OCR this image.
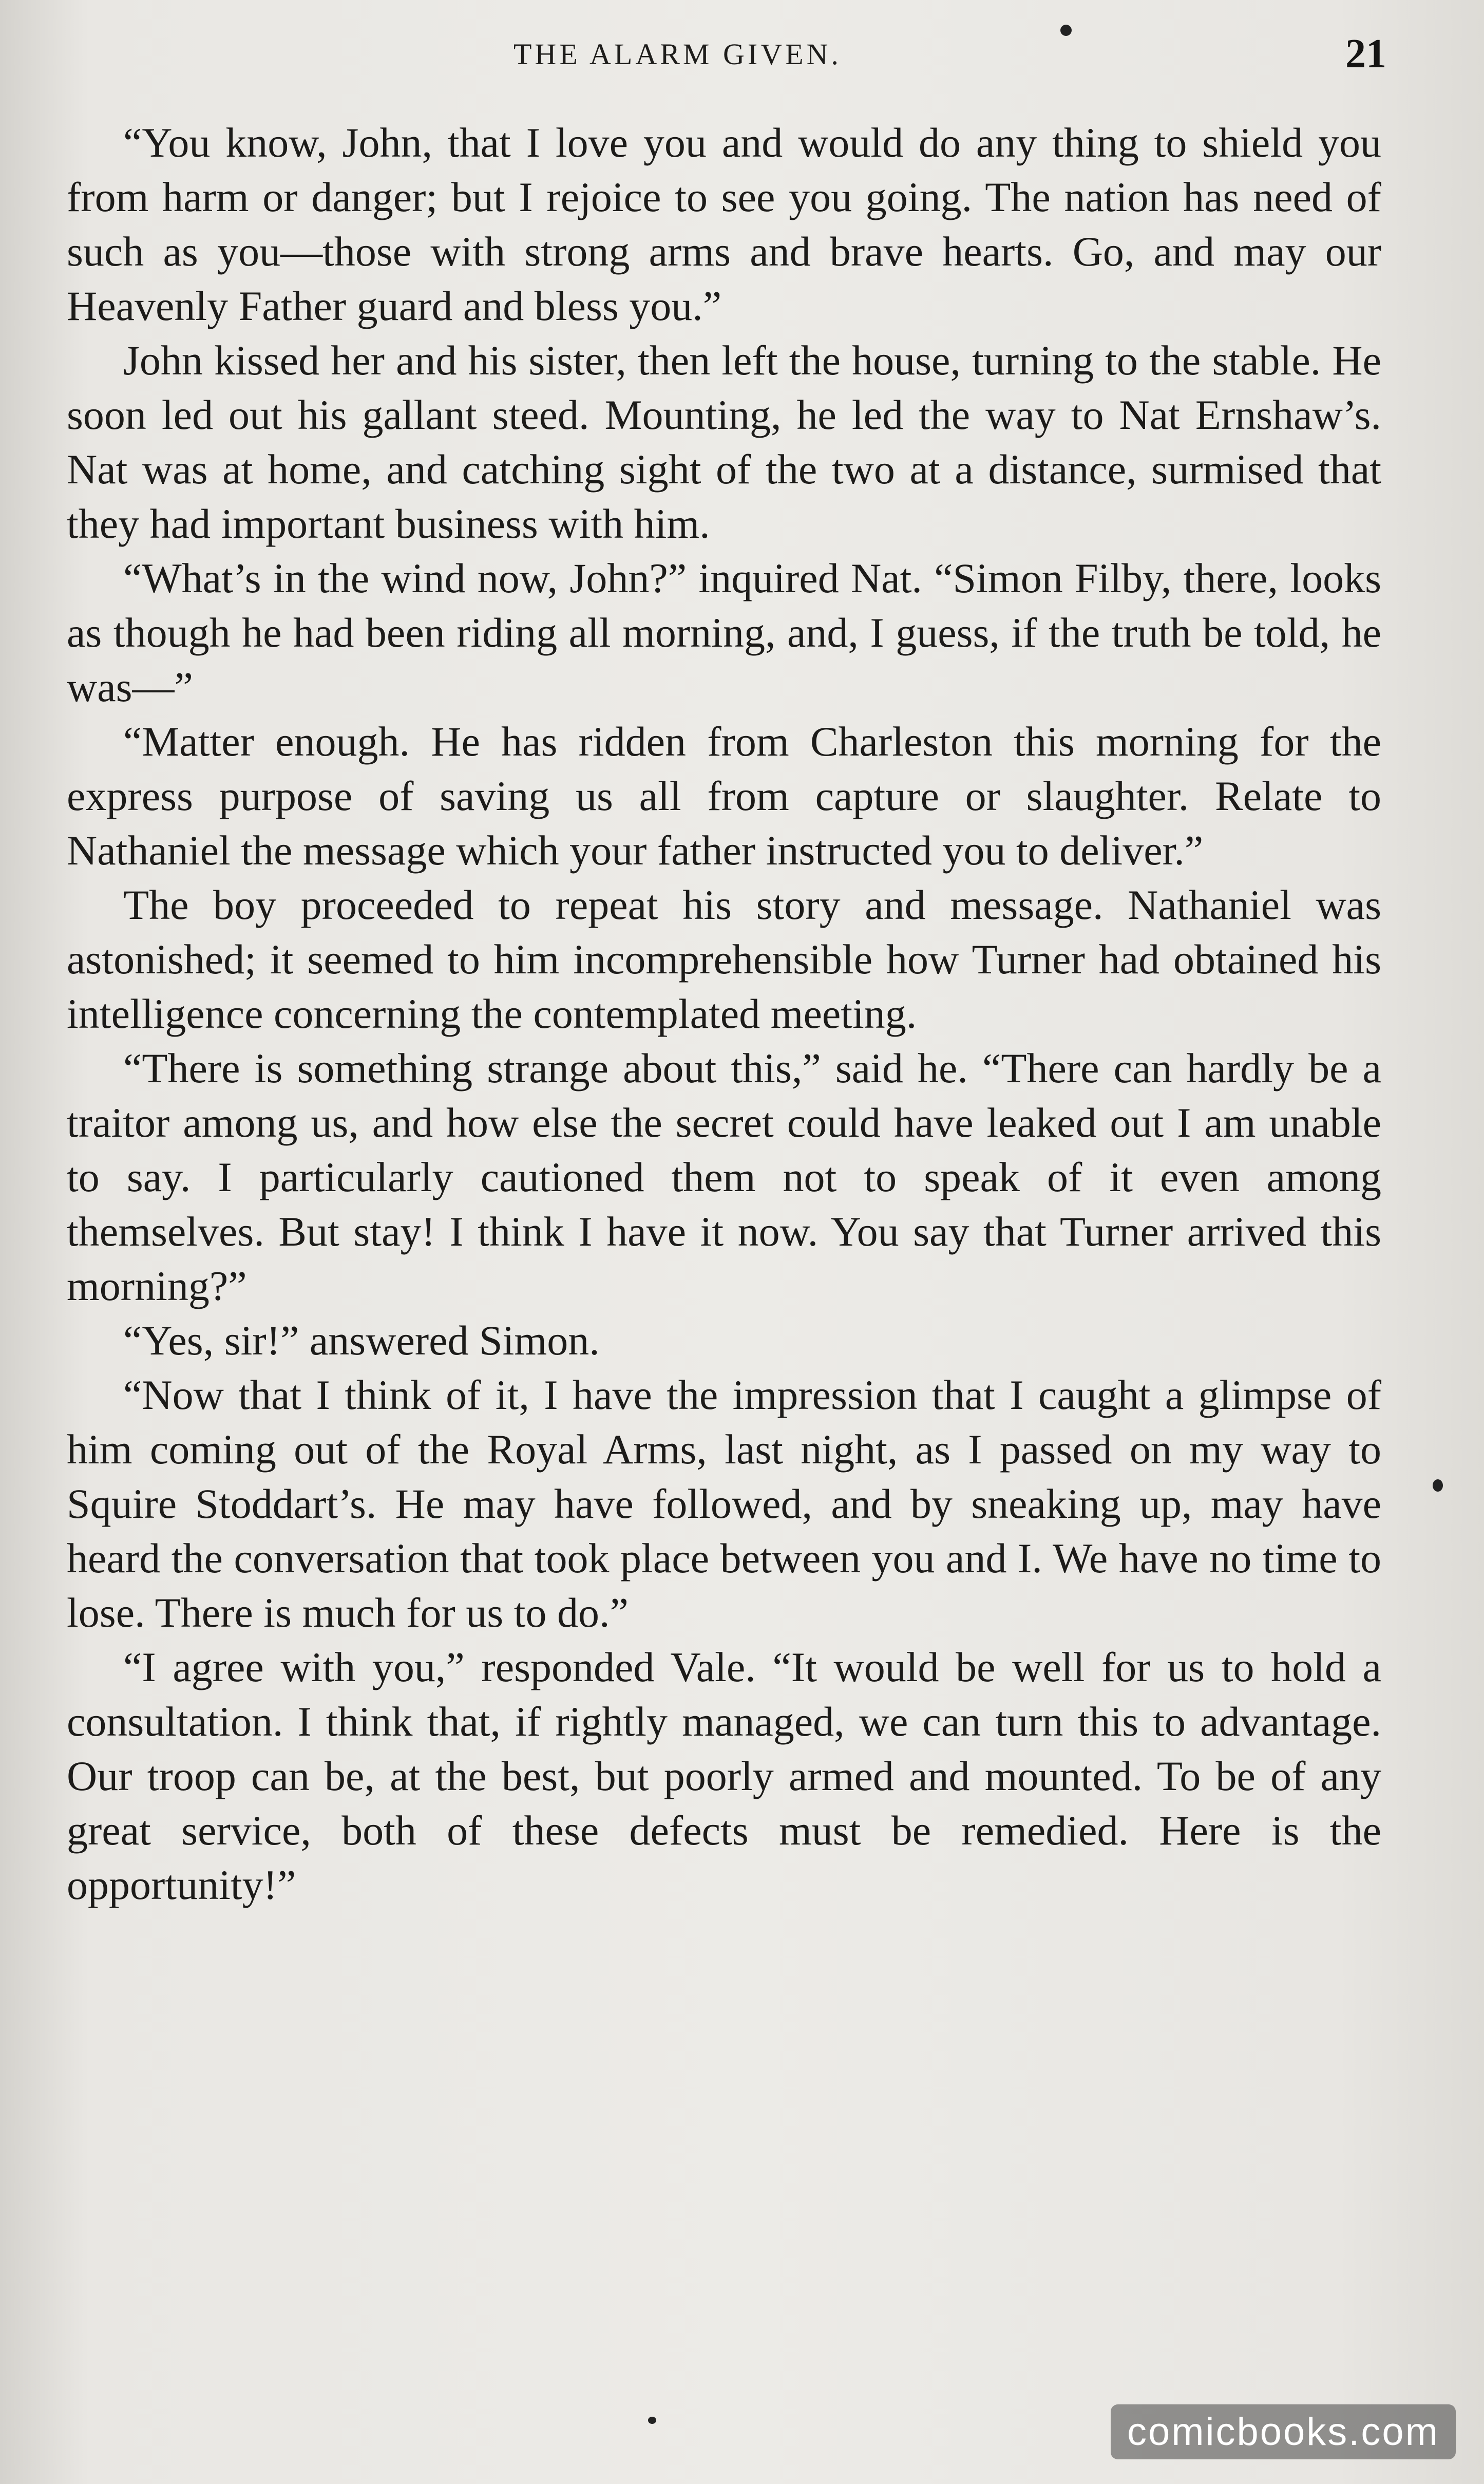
THE ALARM GIVEN.	21

“You know, John, that I love you and would do any thing to shield you from harm or danger; but I rejoice to see you going. The nation has need of such as you—those with strong arms and brave hearts. Go, and may our Heavenly Father guard and bless you.”

John kissed her and his sister, then left the house, turning to the stable. He soon led out his gallant steed. Mounting, he led the way to Nat Ernshaw’s. Nat was at home, and catching sight of the two at a distance, surmised that they had important business with him.

“What’s in the wind now, John?” inquired Nat. “Simon Filby, there, looks as though he had been riding all morning, and, I guess, if the truth be told, he was—”

“Matter enough. He has ridden from Charleston this morning for the express purpose of saving us all from capture or slaughter. Relate to Nathaniel the message which your father instructed you to deliver.”

The boy proceeded to repeat his story and message. Nathaniel was astonished; it seemed to him incomprehensible how Turner had obtained his intelligence concerning the contemplated meeting.

“There is something strange about this,” said he. “There can hardly be a traitor among us, and how else the secret could have leaked out I am unable to say. I particularly cautioned them not to speak of it even among themselves. But stay! I think I have it now. You say that Turner arrived this morning?”

“Yes, sir!” answered Simon.

“Now that I think of it, I have the impression that I caught a glimpse of him coming out of the Royal Arms, last night, as I passed on my way to Squire Stoddart’s. He may have followed, and by sneaking up, may have heard the conversation that took place between you and I. We have no time to lose. There is much for us to do.”

“I agree with you,” responded Vale. “It would be well for us to hold a consultation. I think that, if rightly managed, we can turn this to advantage. Our troop can be, at the best, but poorly armed and mounted. To be of any great service, both of these defects must be remedied. Here is the opportunity!”

comicbooks.com
